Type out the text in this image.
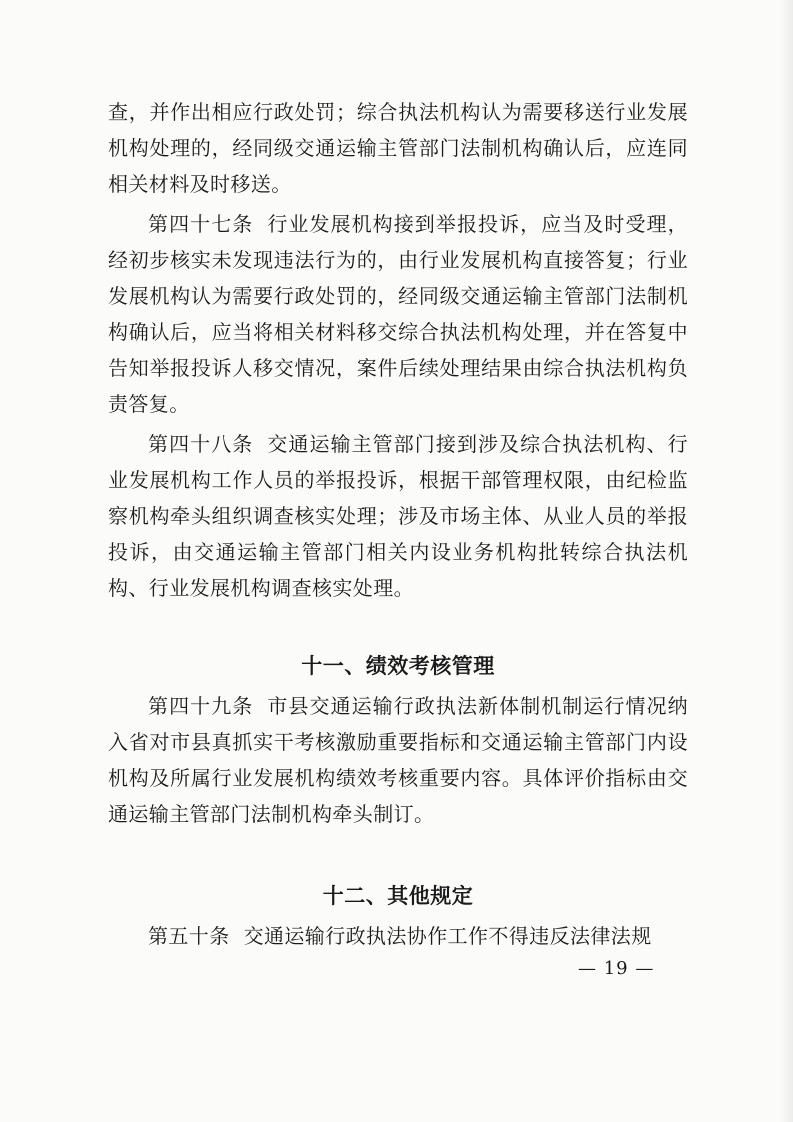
查，并作出相应行政处罚；综合执法机构认为需要移送行业发展机构处理的，经同级交通运输主管部门法制机构确认后，应连同相关材料及时移送。

第四十七条 行业发展机构接到举报投诉，应当及时受理，经初步核实未发现违法行为的，由行业发展机构直接答复；行业发展机构认为需要行政处罚的，经同级交通运输主管部门法制机构确认后，应当将相关材料移交综合执法机构处理，并在答复中告知举报投诉人移交情况，案件后续处理结果由综合执法机构负责答复。

第四十八条 交通运输主管部门接到涉及综合执法机构、行业发展机构工作人员的举报投诉，根据干部管理权限，由纪检监察机构牵头组织调查核实处理；涉及市场主体、从业人员的举报投诉，由交通运输主管部门相关内设业务机构批转综合执法机构、行业发展机构调查核实处理。

十一、绩效考核管理

第四十九条 市县交通运输行政执法新体制机制运行情况纳入省对市县真抓实干考核激励重要指标和交通运输主管部门内设机构及所属行业发展机构绩效考核重要内容。具体评价指标由交通运输主管部门法制机构牵头制订。

十二、其他规定

第五十条 交通运输行政执法协作工作不得违反法律法规

— 19 —
